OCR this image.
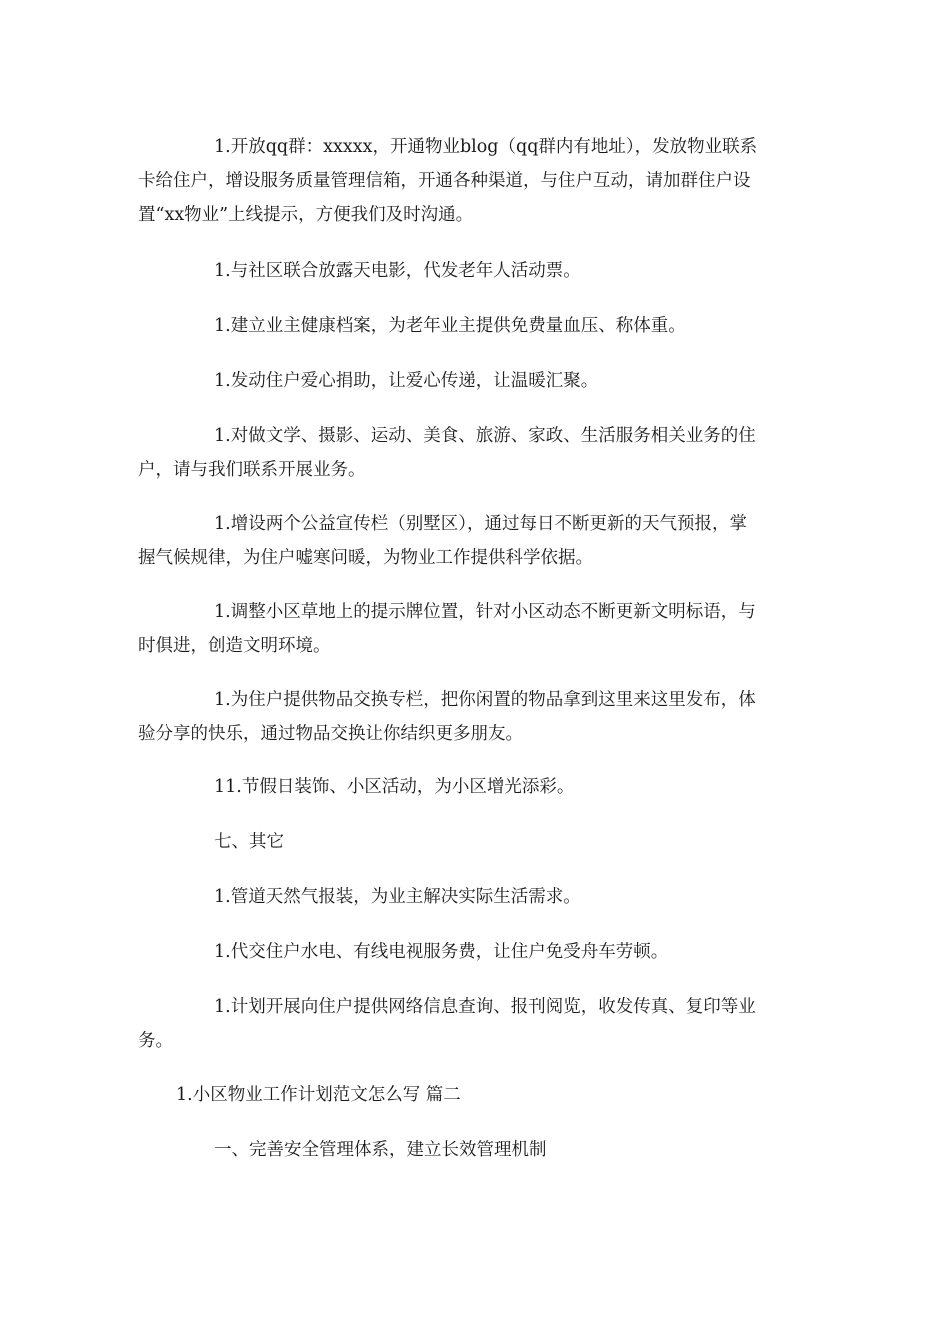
1.开放qq群：xxxxx，开通物业blog（qq群内有地址），发放物业联系
卡给住户，增设服务质量管理信箱，开通各种渠道，与住户互动，请加群住户设
置“xx物业”上线提示，方便我们及时沟通。
1.与社区联合放露天电影，代发老年人活动票。
1.建立业主健康档案，为老年业主提供免费量血压、称体重。
1.发动住户爱心捐助，让爱心传递，让温暖汇聚。
1.对做文学、摄影、运动、美食、旅游、家政、生活服务相关业务的住
户，请与我们联系开展业务。
1.增设两个公益宣传栏（别墅区），通过每日不断更新的天气预报，掌
握气候规律，为住户嘘寒问暖，为物业工作提供科学依据。
1.调整小区草地上的提示牌位置，针对小区动态不断更新文明标语，与
时俱进，创造文明环境。
1.为住户提供物品交换专栏，把你闲置的物品拿到这里来这里发布，体
验分享的快乐，通过物品交换让你结织更多朋友。
11.节假日装饰、小区活动，为小区增光添彩。
七、其它
1.管道天然气报装，为业主解决实际生活需求。
1.代交住户水电、有线电视服务费，让住户免受舟车劳顿。
1.计划开展向住户提供网络信息查询、报刊阅览，收发传真、复印等业
务。
1.小区物业工作计划范文怎么写 篇二
一、完善安全管理体系，建立长效管理机制
